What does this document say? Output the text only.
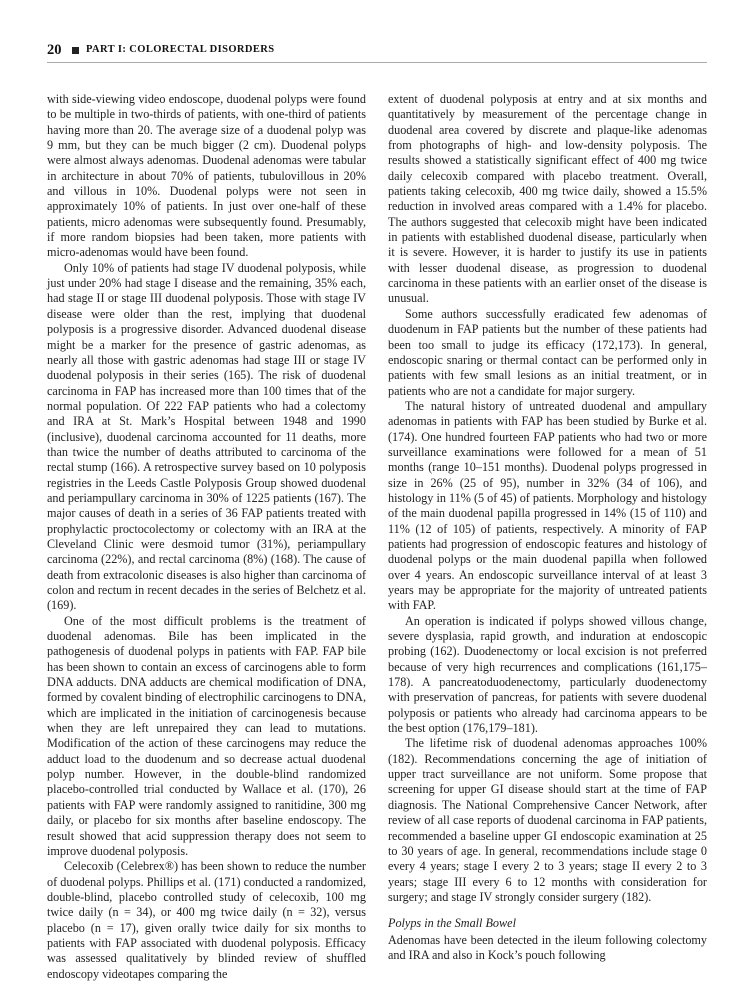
20 PART I: COLORECTAL DISORDERS

with side-viewing video endoscope, duodenal polyps were found to be multiple in two-thirds of patients, with one-third of patients having more than 20. The average size of a duodenal polyp was 9 mm, but they can be much bigger (2 cm). Duodenal polyps were almost always adenomas. Duodenal adenomas were tabular in architecture in about 70% of patients, tubulovillous in 20% and villous in 10%. Duodenal polyps were not seen in approximately 10% of patients. In just over one-half of these patients, micro adenomas were subsequently found. Presumably, if more random biopsies had been taken, more patients with micro-adenomas would have been found.

Only 10% of patients had stage IV duodenal polyposis, while just under 20% had stage I disease and the remaining, 35% each, had stage II or stage III duodenal polyposis. Those with stage IV disease were older than the rest, implying that duodenal polyposis is a progressive disorder. Advanced duodenal disease might be a marker for the presence of gastric adenomas, as nearly all those with gastric adenomas had stage III or stage IV duodenal polyposis in their series (165). The risk of duodenal carcinoma in FAP has increased more than 100 times that of the normal population. Of 222 FAP patients who had a colectomy and IRA at St. Mark’s Hospital between 1948 and 1990 (inclusive), duodenal carcinoma accounted for 11 deaths, more than twice the number of deaths attributed to carcinoma of the rectal stump (166). A retrospective survey based on 10 polyposis registries in the Leeds Castle Polyposis Group showed duodenal and periampullary carcinoma in 30% of 1225 patients (167). The major causes of death in a series of 36 FAP patients treated with prophylactic proctocolectomy or colectomy with an IRA at the Cleveland Clinic were desmoid tumor (31%), periampullary carcinoma (22%), and rectal carcinoma (8%) (168). The cause of death from extracolonic diseases is also higher than carcinoma of colon and rectum in recent decades in the series of Belchetz et al. (169).

One of the most difficult problems is the treatment of duodenal adenomas. Bile has been implicated in the pathogenesis of duodenal polyps in patients with FAP. FAP bile has been shown to contain an excess of carcinogens able to form DNA adducts. DNA adducts are chemical modification of DNA, formed by covalent binding of electrophilic carcinogens to DNA, which are implicated in the initiation of carcinogenesis because when they are left unrepaired they can lead to mutations. Modification of the action of these carcinogens may reduce the adduct load to the duodenum and so decrease actual duodenal polyp number. However, in the double-blind randomized placebo-controlled trial conducted by Wallace et al. (170), 26 patients with FAP were randomly assigned to ranitidine, 300 mg daily, or placebo for six months after baseline endoscopy. The result showed that acid suppression therapy does not seem to improve duodenal polyposis.

Celecoxib (Celebrex®) has been shown to reduce the number of duodenal polyps. Phillips et al. (171) conducted a randomized, double-blind, placebo controlled study of celecoxib, 100 mg twice daily (n = 34), or 400 mg twice daily (n = 32), versus placebo (n = 17), given orally twice daily for six months to patients with FAP associated with duodenal polyposis. Efficacy was assessed qualitatively by blinded review of shuffled endoscopy videotapes comparing the

extent of duodenal polyposis at entry and at six months and quantitatively by measurement of the percentage change in duodenal area covered by discrete and plaque-like adenomas from photographs of high- and low-density polyposis. The results showed a statistically significant effect of 400 mg twice daily celecoxib compared with placebo treatment. Overall, patients taking celecoxib, 400 mg twice daily, showed a 15.5% reduction in involved areas compared with a 1.4% for placebo. The authors suggested that celecoxib might have been indicated in patients with established duodenal disease, particularly when it is severe. However, it is harder to justify its use in patients with lesser duodenal disease, as progression to duodenal carcinoma in these patients with an earlier onset of the disease is unusual.

Some authors successfully eradicated few adenomas of duodenum in FAP patients but the number of these patients had been too small to judge its efficacy (172,173). In general, endoscopic snaring or thermal contact can be performed only in patients with few small lesions as an initial treatment, or in patients who are not a candidate for major surgery.

The natural history of untreated duodenal and ampullary adenomas in patients with FAP has been studied by Burke et al. (174). One hundred fourteen FAP patients who had two or more surveillance examinations were followed for a mean of 51 months (range 10–151 months). Duodenal polyps progressed in size in 26% (25 of 95), number in 32% (34 of 106), and histology in 11% (5 of 45) of patients. Morphology and histology of the main duodenal papilla progressed in 14% (15 of 110) and 11% (12 of 105) of patients, respectively. A minority of FAP patients had progression of endoscopic features and histology of duodenal polyps or the main duodenal papilla when followed over 4 years. An endoscopic surveillance interval of at least 3 years may be appropriate for the majority of untreated patients with FAP.

An operation is indicated if polyps showed villous change, severe dysplasia, rapid growth, and induration at endoscopic probing (162). Duodenectomy or local excision is not preferred because of very high recurrences and complications (161,175–178). A pancreatoduodenectomy, particularly duodenectomy with preservation of pancreas, for patients with severe duodenal polyposis or patients who already had carcinoma appears to be the best option (176,179–181).

The lifetime risk of duodenal adenomas approaches 100% (182). Recommendations concerning the age of initiation of upper tract surveillance are not uniform. Some propose that screening for upper GI disease should start at the time of FAP diagnosis. The National Comprehensive Cancer Network, after review of all case reports of duodenal carcinoma in FAP patients, recommended a baseline upper GI endoscopic examination at 25 to 30 years of age. In general, recommendations include stage 0 every 4 years; stage I every 2 to 3 years; stage II every 2 to 3 years; stage III every 6 to 12 months with consideration for surgery; and stage IV strongly consider surgery (182).

Polyps in the Small Bowel

Adenomas have been detected in the ileum following colectomy and IRA and also in Kock’s pouch following
